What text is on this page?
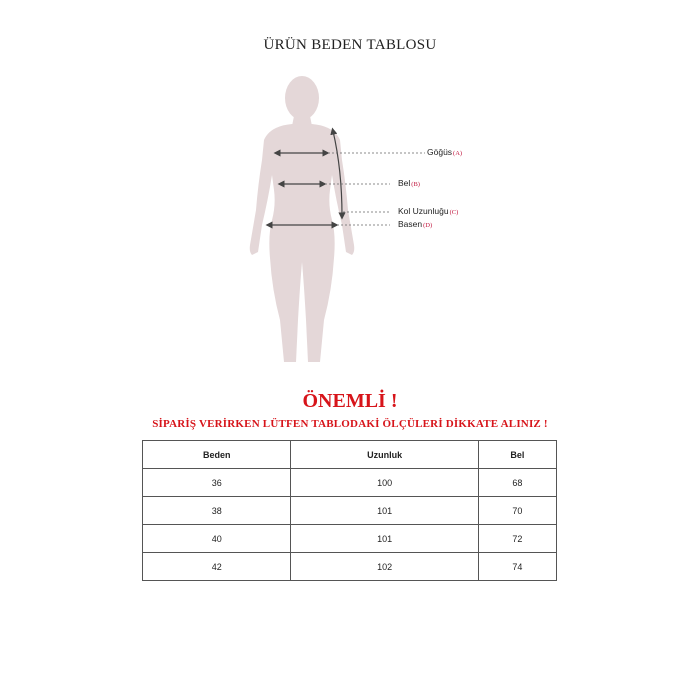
ÜRÜN BEDEN TABLOSU
Göğüs(A)
Bel(B)
Kol Uzunluğu(C)
Basen(D)
ÖNEMLİ !
SİPARİŞ VERİRKEN LÜTFEN TABLODAKİ ÖLÇÜLERİ DİKKATE ALINIZ !
Beden	Uzunluk	Bel
36	100	68
38	101	70
40	101	72
42	102	74
